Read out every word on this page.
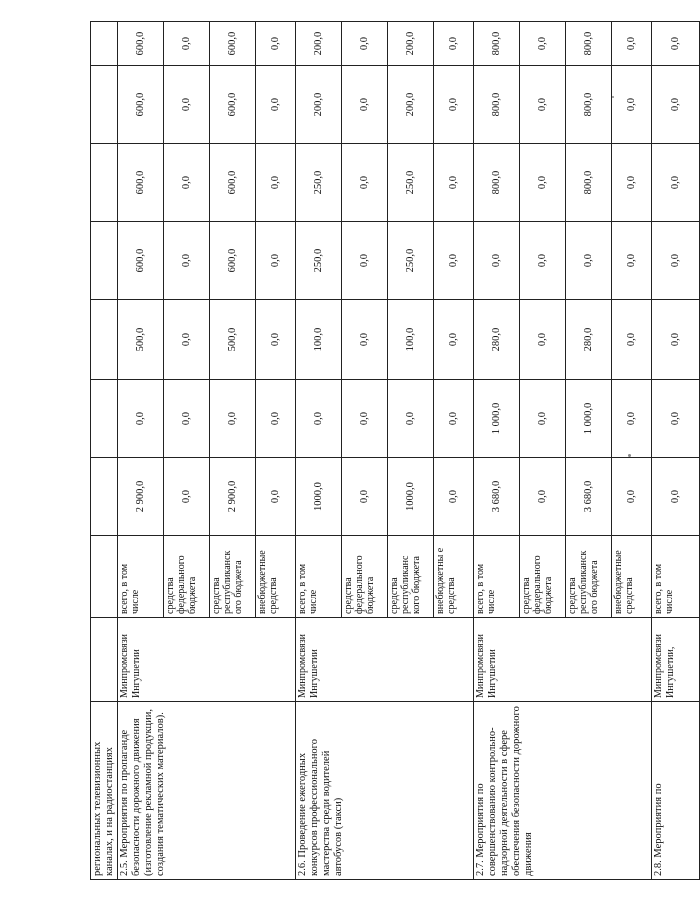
региональных телевизионных каналах, и на радиостанциях									
2.5. Мероприятия по пропаганде безопасности дорожного движения (изготовление рекламной продукции, создания тематических материалов).	Минпромсвязи Ингушетии	всего, в том числе	2 900,0	0,0	500,0	600,0	600,0	600,0	600,0
		средства федерального бюджета	0,0	0,0	0,0	0,0	0,0	0,0	0,0
		средства республиканск ого бюджета	2 900,0	0,0	500,0	600,0	600,0	600,0	600,0
		внебюджетные средства	0,0	0,0	0,0	0,0	0,0	0,0	0,0
2.6. Проведение ежегодных конкурсов профессионального мастерства среди водителей автобусов (такси)	Минпромсвязи Ингушетии	всего, в том числе	1000,0	0,0	100,0	250,0	250,0	200,0	200,0
		средства федерального бюджета	0,0	0,0	0,0	0,0	0,0	0,0	0,0
		средства республиканс кого бюджета	1000,0	0,0	100,0	250,0	250,0	200,0	200,0
		внебюджетны е средства	0,0	0,0	0,0	0,0	0,0	0,0	0,0
2.7. Мероприятия по совершенствованию контрольно-надзорной деятельности в сфере обеспечения безопасности дорожного движения	Минпромсвязи Ингушетии	всего, в том числе	3 680,0	1 000,0	280,0	0,0	800,0	800,0	800,0
		средства федерального бюджета	0,0	0,0	0,0	0,0	0,0	0,0	0,0
		средства республиканск ого бюджета	3 680,0	1 000,0	280,0	0,0	800,0	800,0	800,0
		внебюджетные средства	0,0	0,0	0,0	0,0	0,0	0,0	0,0
2.8. Мероприятия по	Минпромсвязи Ингушетии,	всего, в том числе	0,0	0,0	0,0	0,0	0,0	0,0	0,0
